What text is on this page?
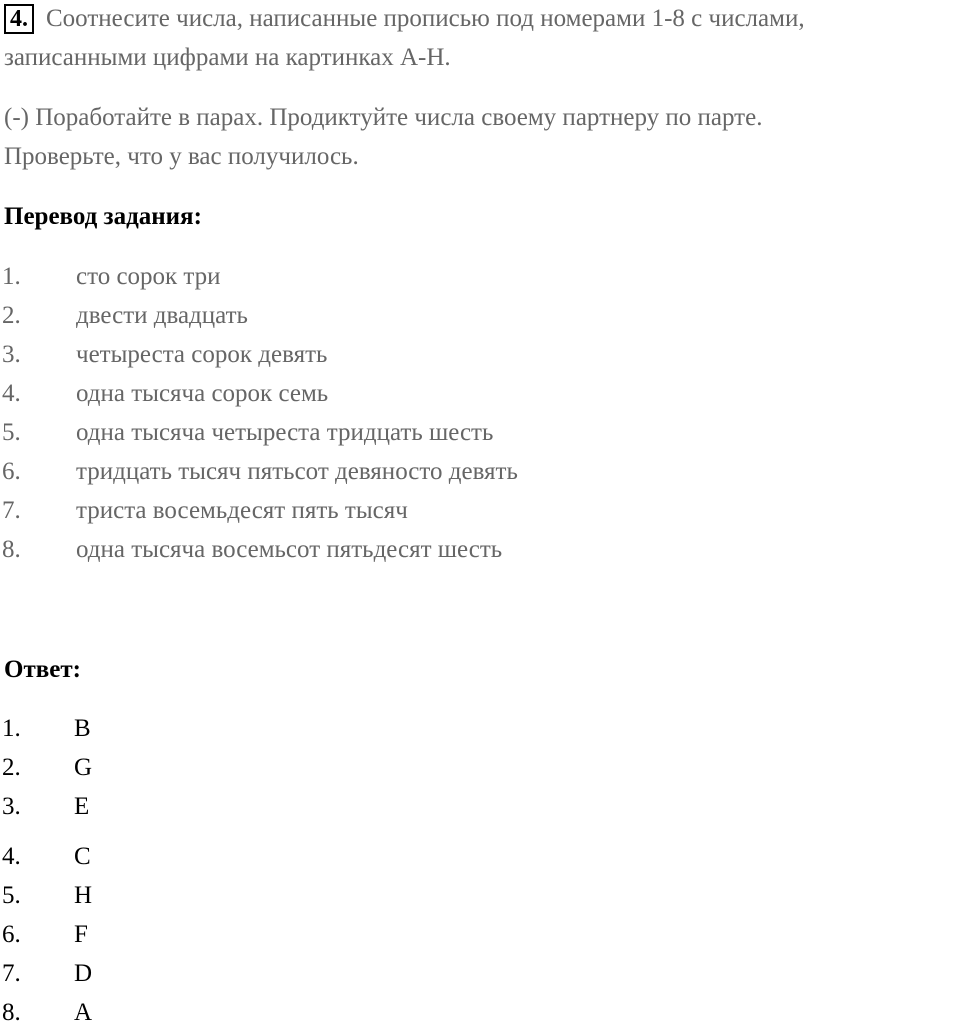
4. Соотнесите числа, написанные прописью под номерами 1-8 с числами,
записанными цифрами на картинках A-H.
(-) Поработайте в парах. Продиктуйте числа своему партнеру по парте.
Проверьте, что у вас получилось.
Перевод задания:
1. сто сорок три
2. двести двадцать
3. четыреста сорок девять
4. одна тысяча сорок семь
5. одна тысяча четыреста тридцать шесть
6. тридцать тысяч пятьсот девяносто девять
7. триста восемьдесят пять тысяч
8. одна тысяча восемьсот пятьдесят шесть
Ответ:
1. B
2. G
3. E
4. C
5. H
6. F
7. D
8. A
